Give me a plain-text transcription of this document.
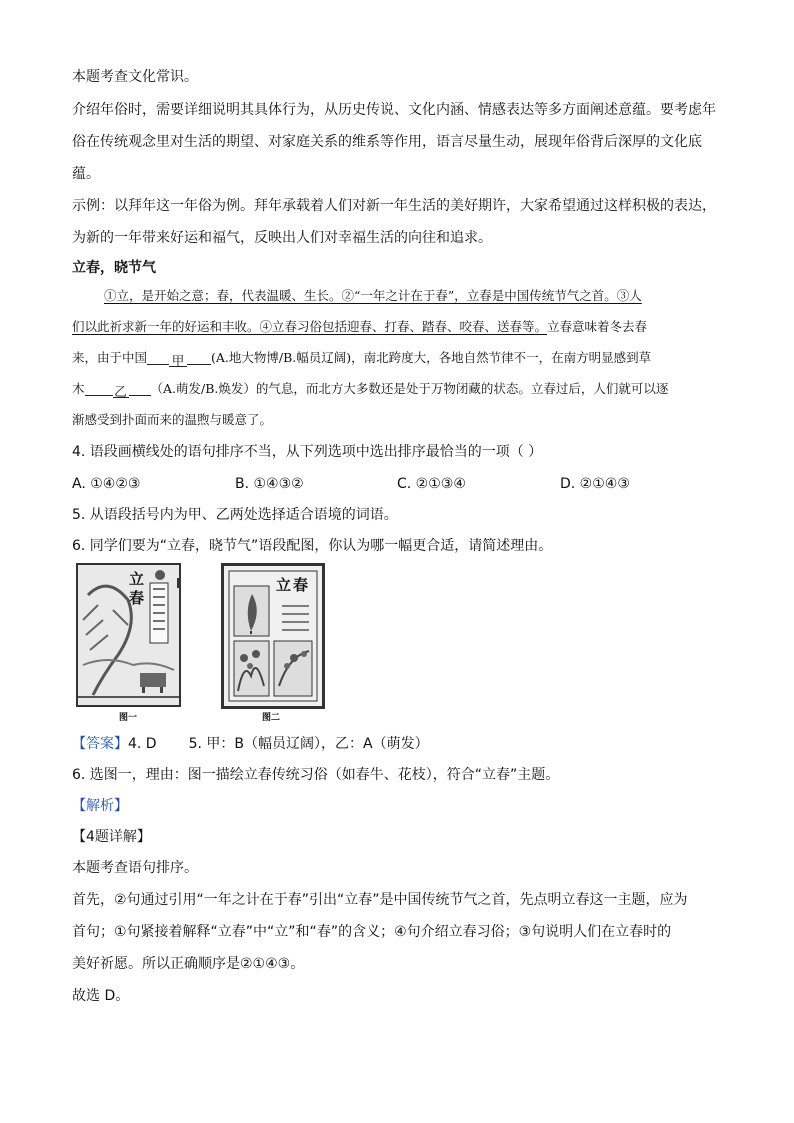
本题考查文化常识。
介绍年俗时，需要详细说明其具体行为，从历史传说、文化内涵、情感表达等多方面阐述意蕴。要考虑年
俗在传统观念里对生活的期望、对家庭关系的维系等作用，语言尽量生动，展现年俗背后深厚的文化底
蕴。
示例：以拜年这一年俗为例。拜年承载着人们对新一年生活的美好期许，大家希望通过这样积极的表达，
为新的一年带来好运和福气，反映出人们对幸福生活的向往和追求。
立春，晓节气
①立，是开始之意；春，代表温暖、生长。②“一年之计在于春”，立春是中国传统节气之首。③人
们以此祈求新一年的好运和丰收。④立春习俗包括迎春、打春、踏春、咬春、送春等。立春意味着冬去春
来，由于中国 甲 (A.地大物博/B.幅员辽阔)，南北跨度大，各地自然节律不一，在南方明显感到草
木 乙 （A.萌发/B.焕发）的气息，而北方大多数还是处于万物闭藏的状态。立春过后，人们就可以逐
渐感受到扑面而来的温煦与暖意了。
4. 语段画横线处的语句排序不当，从下列选项中选出排序最恰当的一项（ ）
A. ①④②③	B. ①④③②	C. ②①③④	D. ②①④③
5. 从语段括号内为甲、乙两处选择适合语境的词语。
6. 同学们要为“立春，晓节气”语段配图，你认为哪一幅更合适，请简述理由。
立春
图一
立春
图二
【答案】4. D 5. 甲：B（幅员辽阔），乙：A（萌发）
6. 选图一，理由：图一描绘立春传统习俗（如春牛、花枝），符合“立春”主题。
【解析】
【4题详解】
本题考查语句排序。
首先，②句通过引用“一年之计在于春”引出“立春”是中国传统节气之首，先点明立春这一主题，应为
首句；①句紧接着解释“立春”中“立”和“春”的含义；④句介绍立春习俗；③句说明人们在立春时的
美好祈愿。所以正确顺序是②①④③。
故选 D。
